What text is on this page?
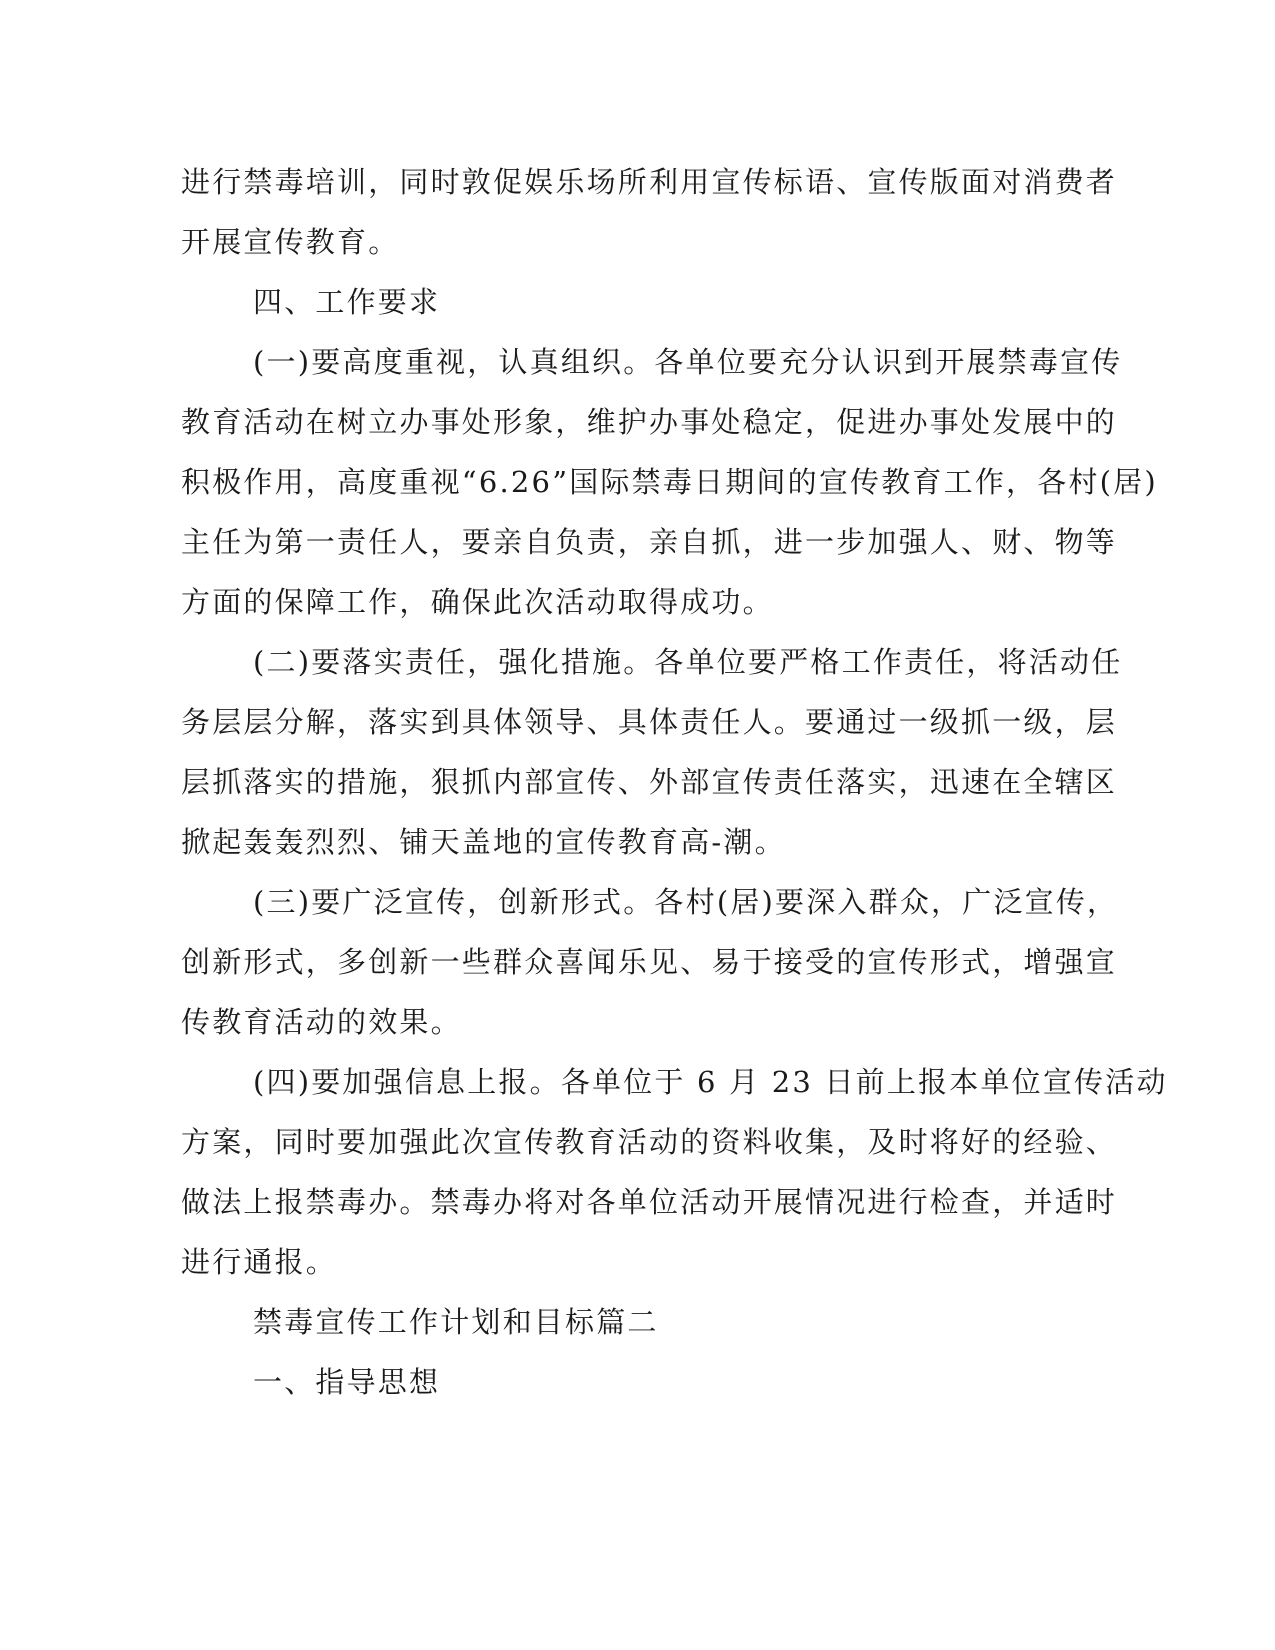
进行禁毒培训，同时敦促娱乐场所利用宣传标语、宣传版面对消费者
开展宣传教育。
四、工作要求
(一)要高度重视，认真组织。各单位要充分认识到开展禁毒宣传
教育活动在树立办事处形象，维护办事处稳定，促进办事处发展中的
积极作用，高度重视“6.26”国际禁毒日期间的宣传教育工作，各村(居)
主任为第一责任人，要亲自负责，亲自抓，进一步加强人、财、物等
方面的保障工作，确保此次活动取得成功。
(二)要落实责任，强化措施。各单位要严格工作责任，将活动任
务层层分解，落实到具体领导、具体责任人。要通过一级抓一级，层
层抓落实的措施，狠抓内部宣传、外部宣传责任落实，迅速在全辖区
掀起轰轰烈烈、铺天盖地的宣传教育高-潮。
(三)要广泛宣传，创新形式。各村(居)要深入群众，广泛宣传，
创新形式，多创新一些群众喜闻乐见、易于接受的宣传形式，增强宣
传教育活动的效果。
(四)要加强信息上报。各单位于 6 月 23 日前上报本单位宣传活动
方案，同时要加强此次宣传教育活动的资料收集，及时将好的经验、
做法上报禁毒办。禁毒办将对各单位活动开展情况进行检查，并适时
进行通报。
禁毒宣传工作计划和目标篇二
一、指导思想
